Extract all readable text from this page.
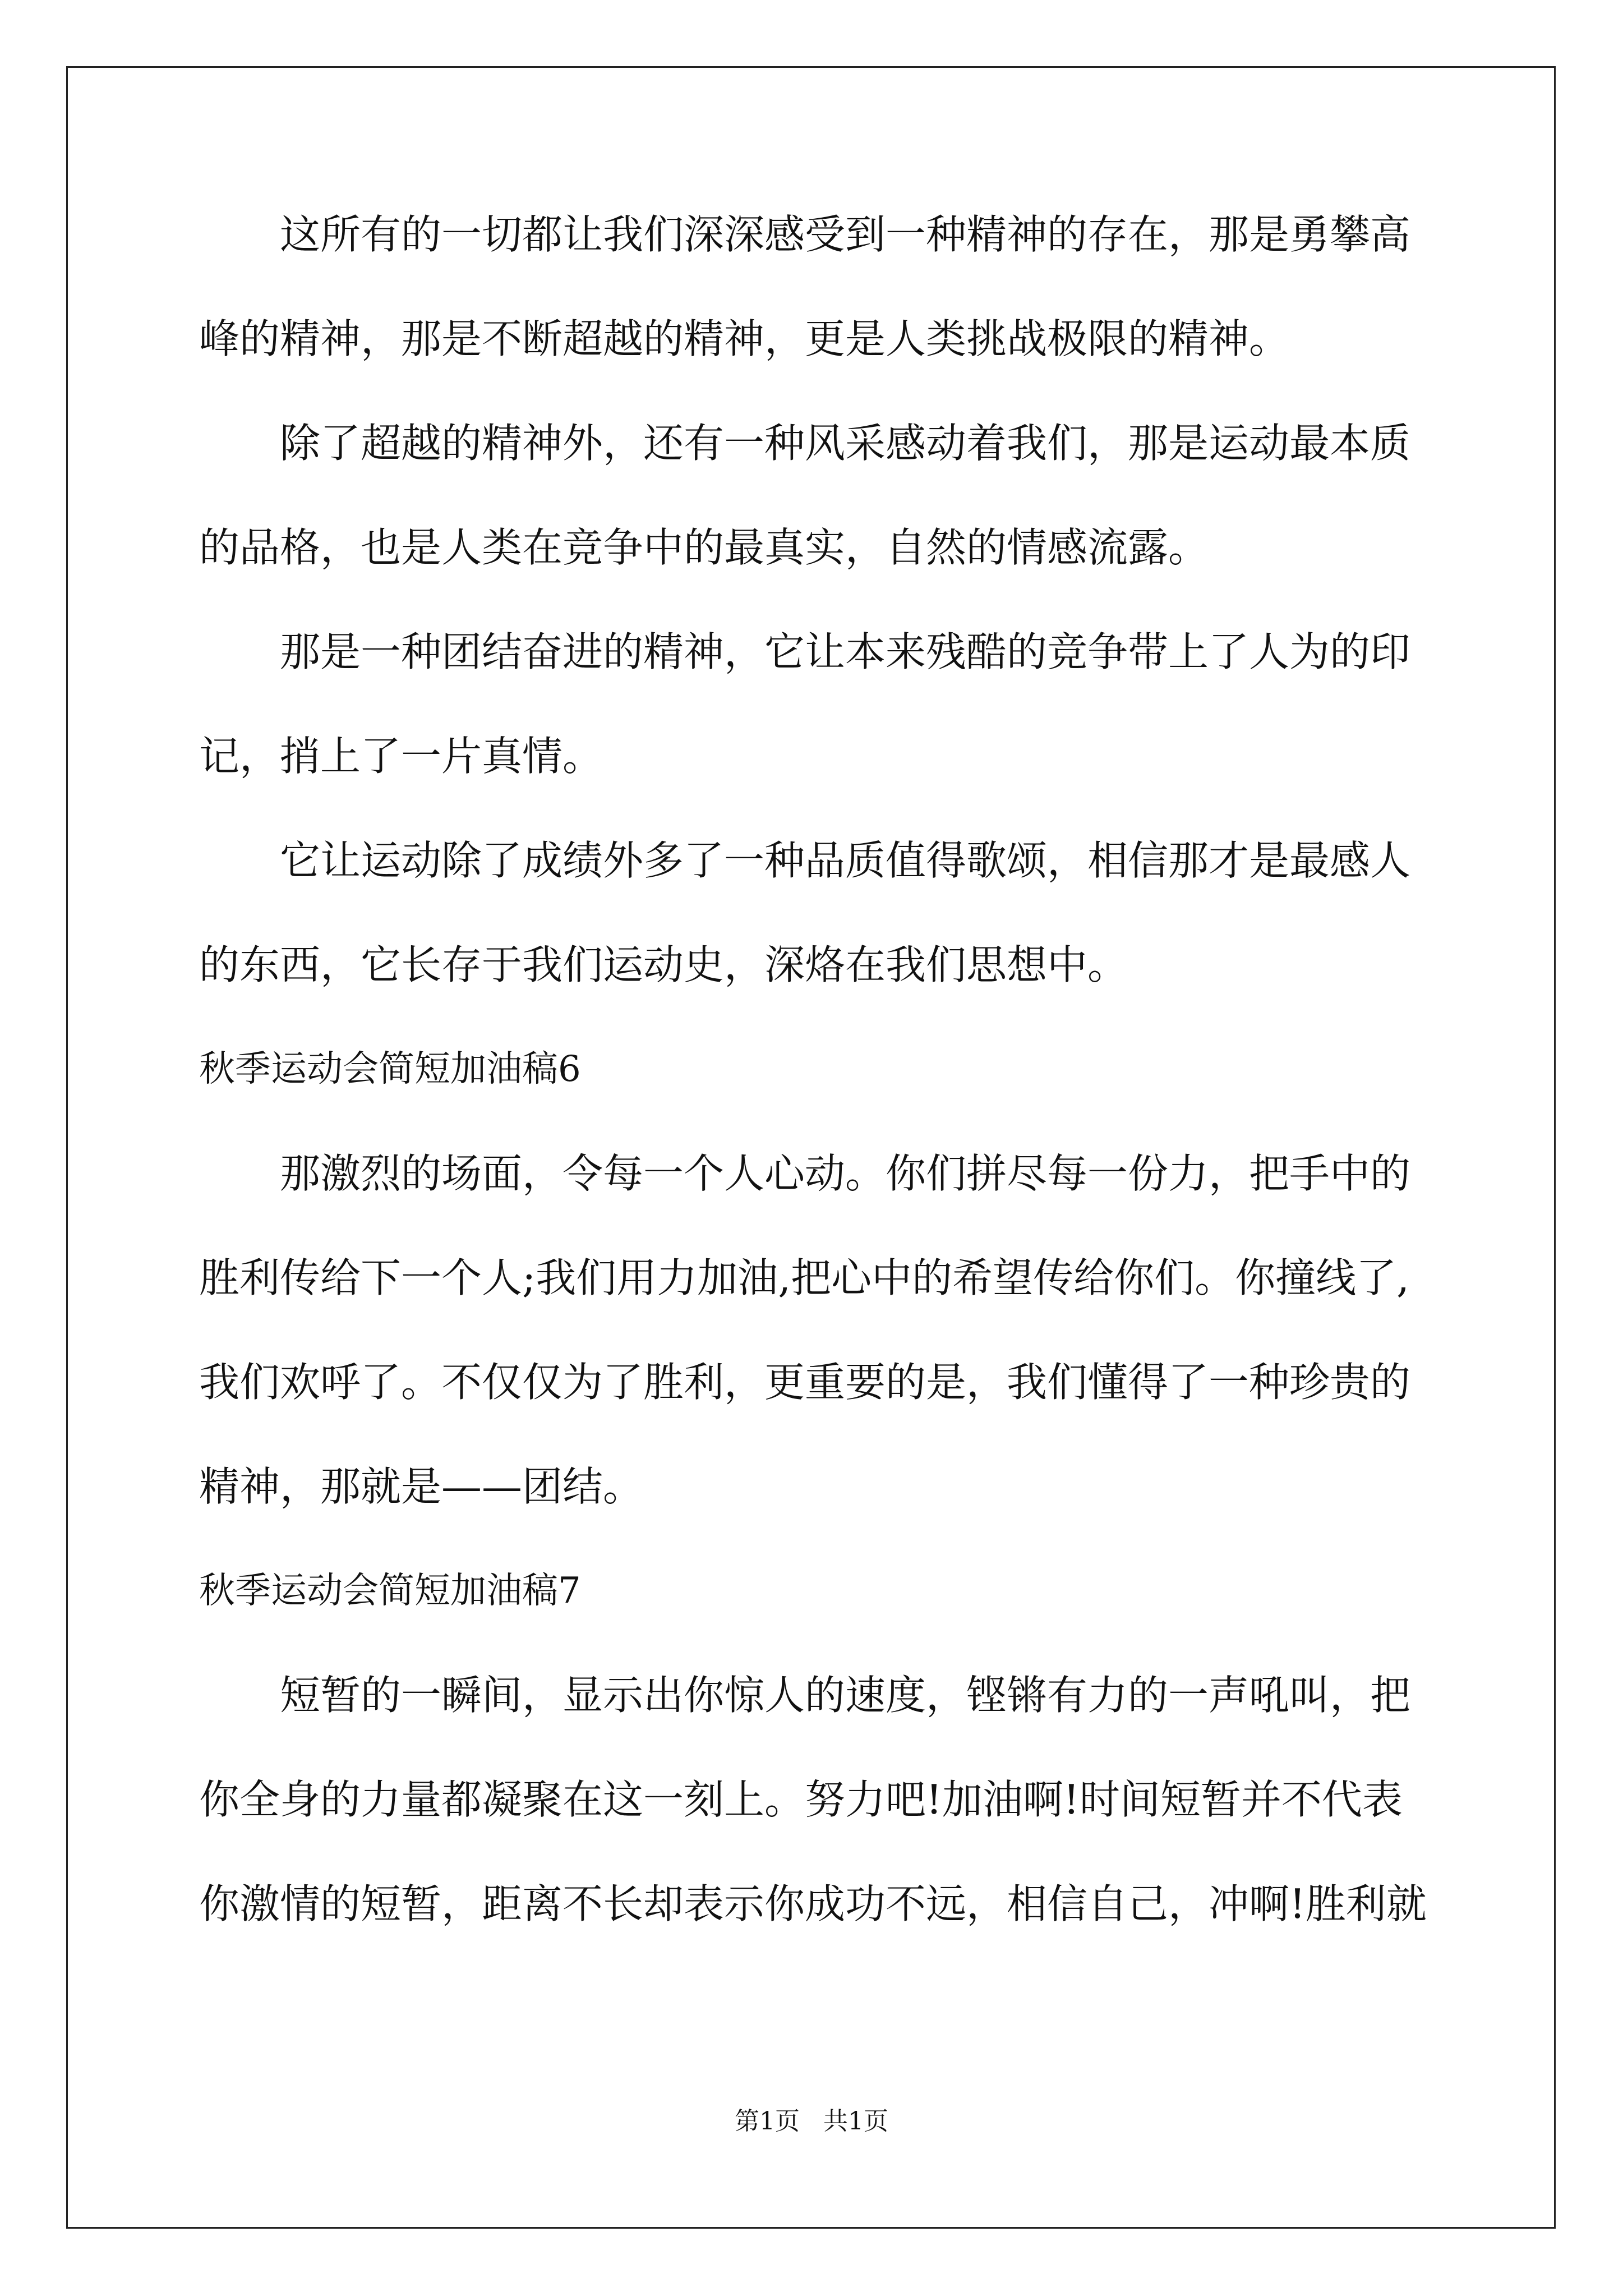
这所有的一切都让我们深深感受到一种精神的存在，那是勇攀高
峰的精神，那是不断超越的精神，更是人类挑战极限的精神。
除了超越的精神外，还有一种风采感动着我们，那是运动最本质
的品格，也是人类在竞争中的最真实，自然的情感流露。
那是一种团结奋进的精神，它让本来残酷的竞争带上了人为的印
记，捎上了一片真情。
它让运动除了成绩外多了一种品质值得歌颂，相信那才是最感人
的东西，它长存于我们运动史，深烙在我们思想中。
秋季运动会简短加油稿6
那激烈的场面，令每一个人心动。你们拼尽每一份力，把手中的
胜利传给下一个人;我们用力加油,把心中的希望传给你们。你撞线了,
我们欢呼了。不仅仅为了胜利，更重要的是，我们懂得了一种珍贵的
精神，那就是——团结。
秋季运动会简短加油稿7
短暂的一瞬间，显示出你惊人的速度，铿锵有力的一声吼叫，把
你全身的力量都凝聚在这一刻上。努力吧!加油啊!时间短暂并不代表
你激情的短暂，距离不长却表示你成功不远，相信自己，冲啊!胜利就
第1页   共1页
